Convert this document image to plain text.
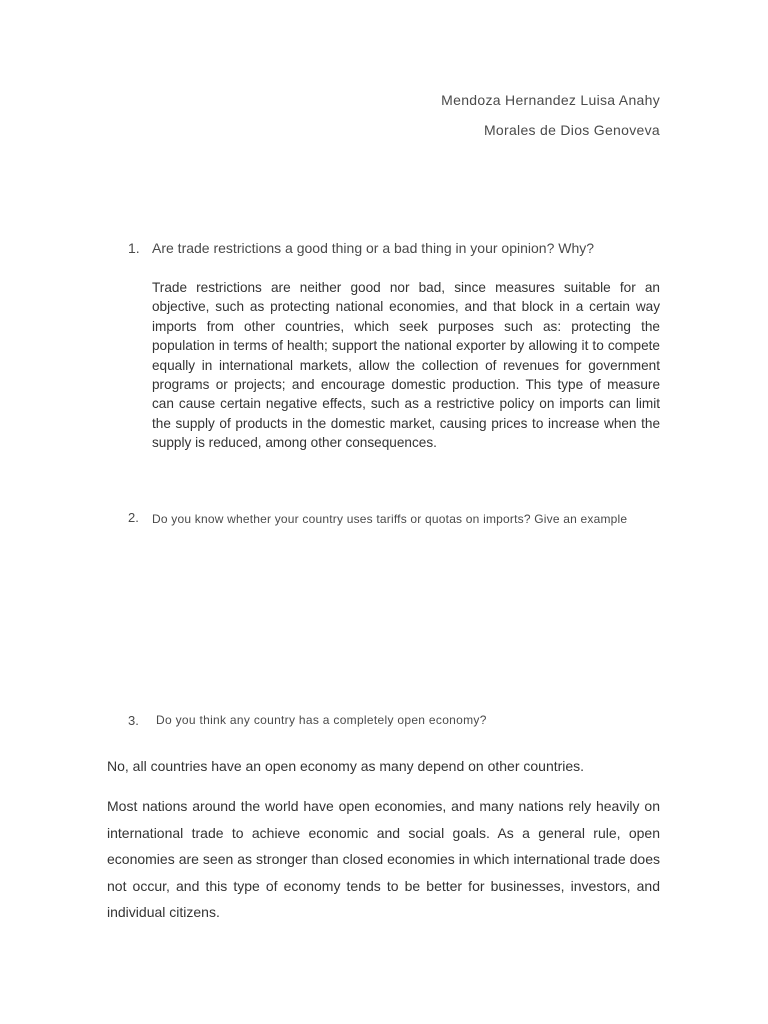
Mendoza Hernandez Luisa Anahy
Morales de Dios Genoveva
1. Are trade restrictions a good thing or a bad thing in your opinion? Why?
Trade restrictions are neither good nor bad, since measures suitable for an objective, such as protecting national economies, and that block in a certain way imports from other countries, which seek purposes such as: protecting the population in terms of health; support the national exporter by allowing it to compete equally in international markets, allow the collection of revenues for government programs or projects; and encourage domestic production. This type of measure can cause certain negative effects, such as a restrictive policy on imports can limit the supply of products in the domestic market, causing prices to increase when the supply is reduced, among other consequences.
2. Do you know whether your country uses tariffs or quotas on imports? Give an example
3. Do you think any country has a completely open economy?
No, all countries have an open economy as many depend on other countries.
Most nations around the world have open economies, and many nations rely heavily on international trade to achieve economic and social goals. As a general rule, open economies are seen as stronger than closed economies in which international trade does not occur, and this type of economy tends to be better for businesses, investors, and individual citizens.
